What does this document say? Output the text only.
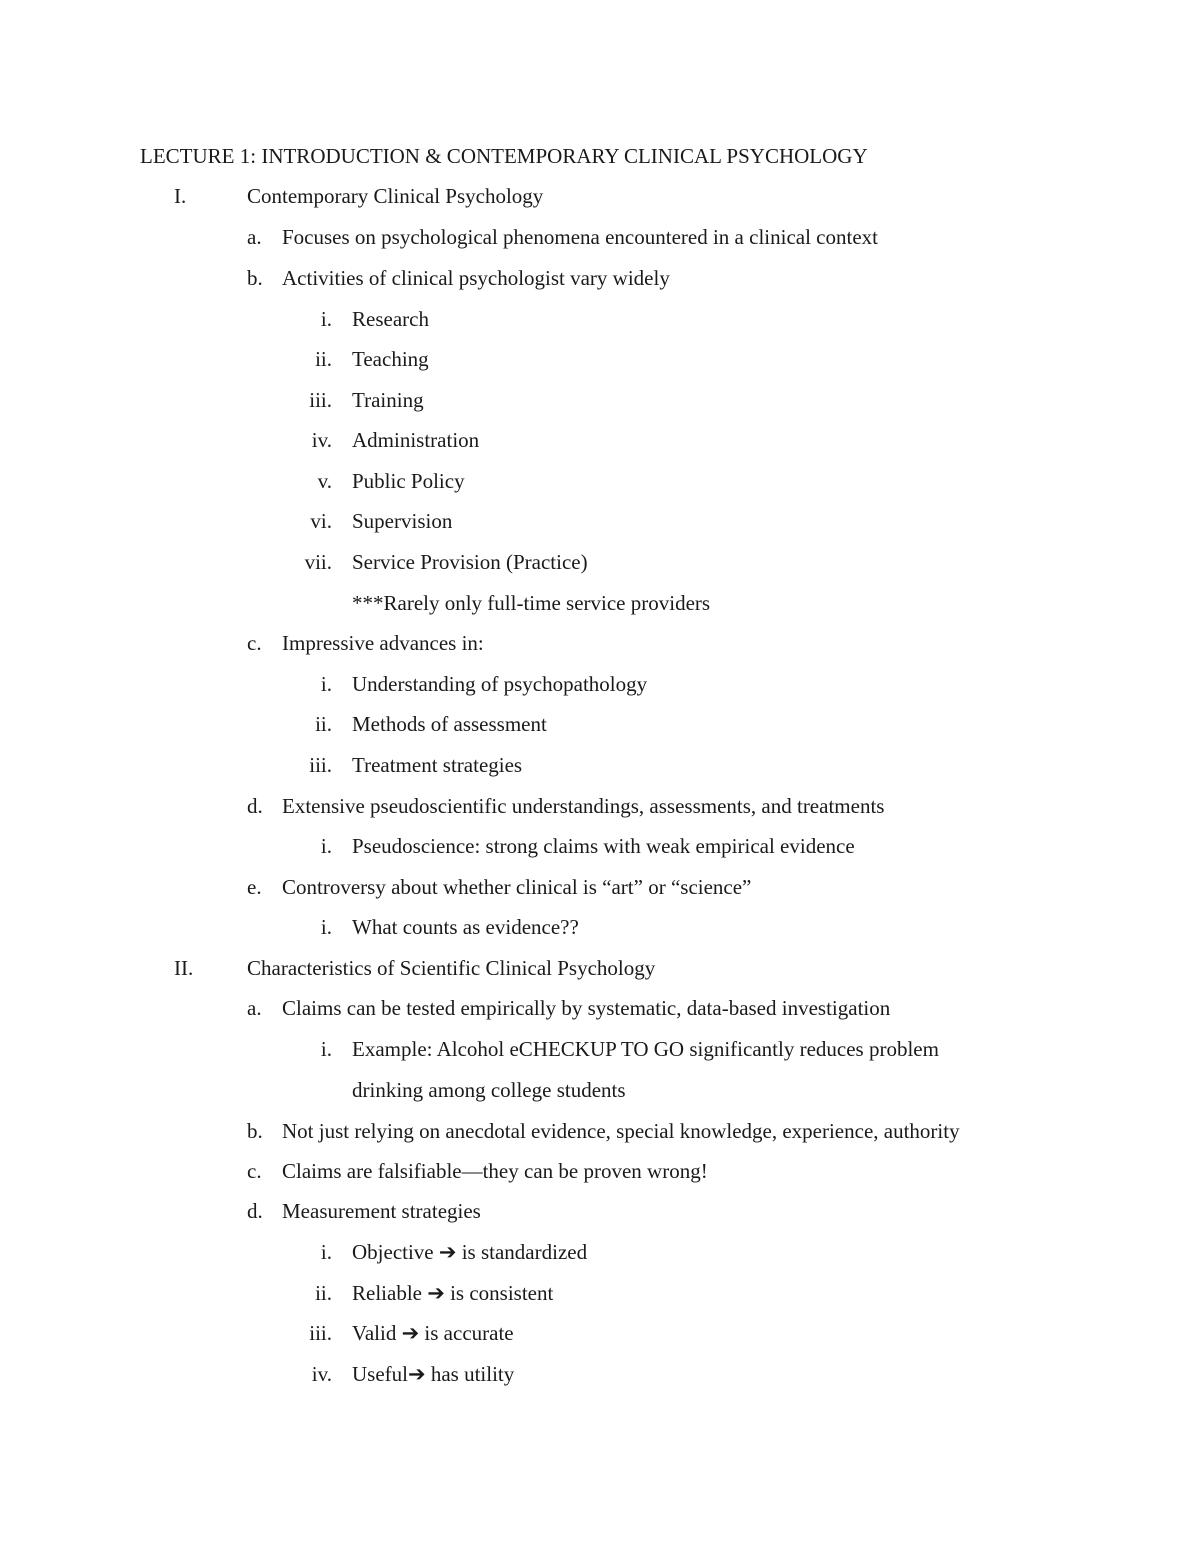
LECTURE 1: INTRODUCTION & CONTEMPORARY CLINICAL PSYCHOLOGY
I.	Contemporary Clinical Psychology
a. Focuses on psychological phenomena encountered in a clinical context
b. Activities of clinical psychologist vary widely
i. Research
ii. Teaching
iii. Training
iv. Administration
v. Public Policy
vi. Supervision
vii. Service Provision (Practice)
***Rarely only full-time service providers
c. Impressive advances in:
i. Understanding of psychopathology
ii. Methods of assessment
iii. Treatment strategies
d. Extensive pseudoscientific understandings, assessments, and treatments
i. Pseudoscience: strong claims with weak empirical evidence
e. Controversy about whether clinical is “art” or “science”
i. What counts as evidence??
II.	Characteristics of Scientific Clinical Psychology
a. Claims can be tested empirically by systematic, data-based investigation
i. Example: Alcohol eCHECKUP TO GO significantly reduces problem
drinking among college students
b. Not just relying on anecdotal evidence, special knowledge, experience, authority
c. Claims are falsifiable—they can be proven wrong!
d. Measurement strategies
i. Objective ➔ is standardized
ii. Reliable ➔ is consistent
iii. Valid ➔ is accurate
iv. Useful➔ has utility
